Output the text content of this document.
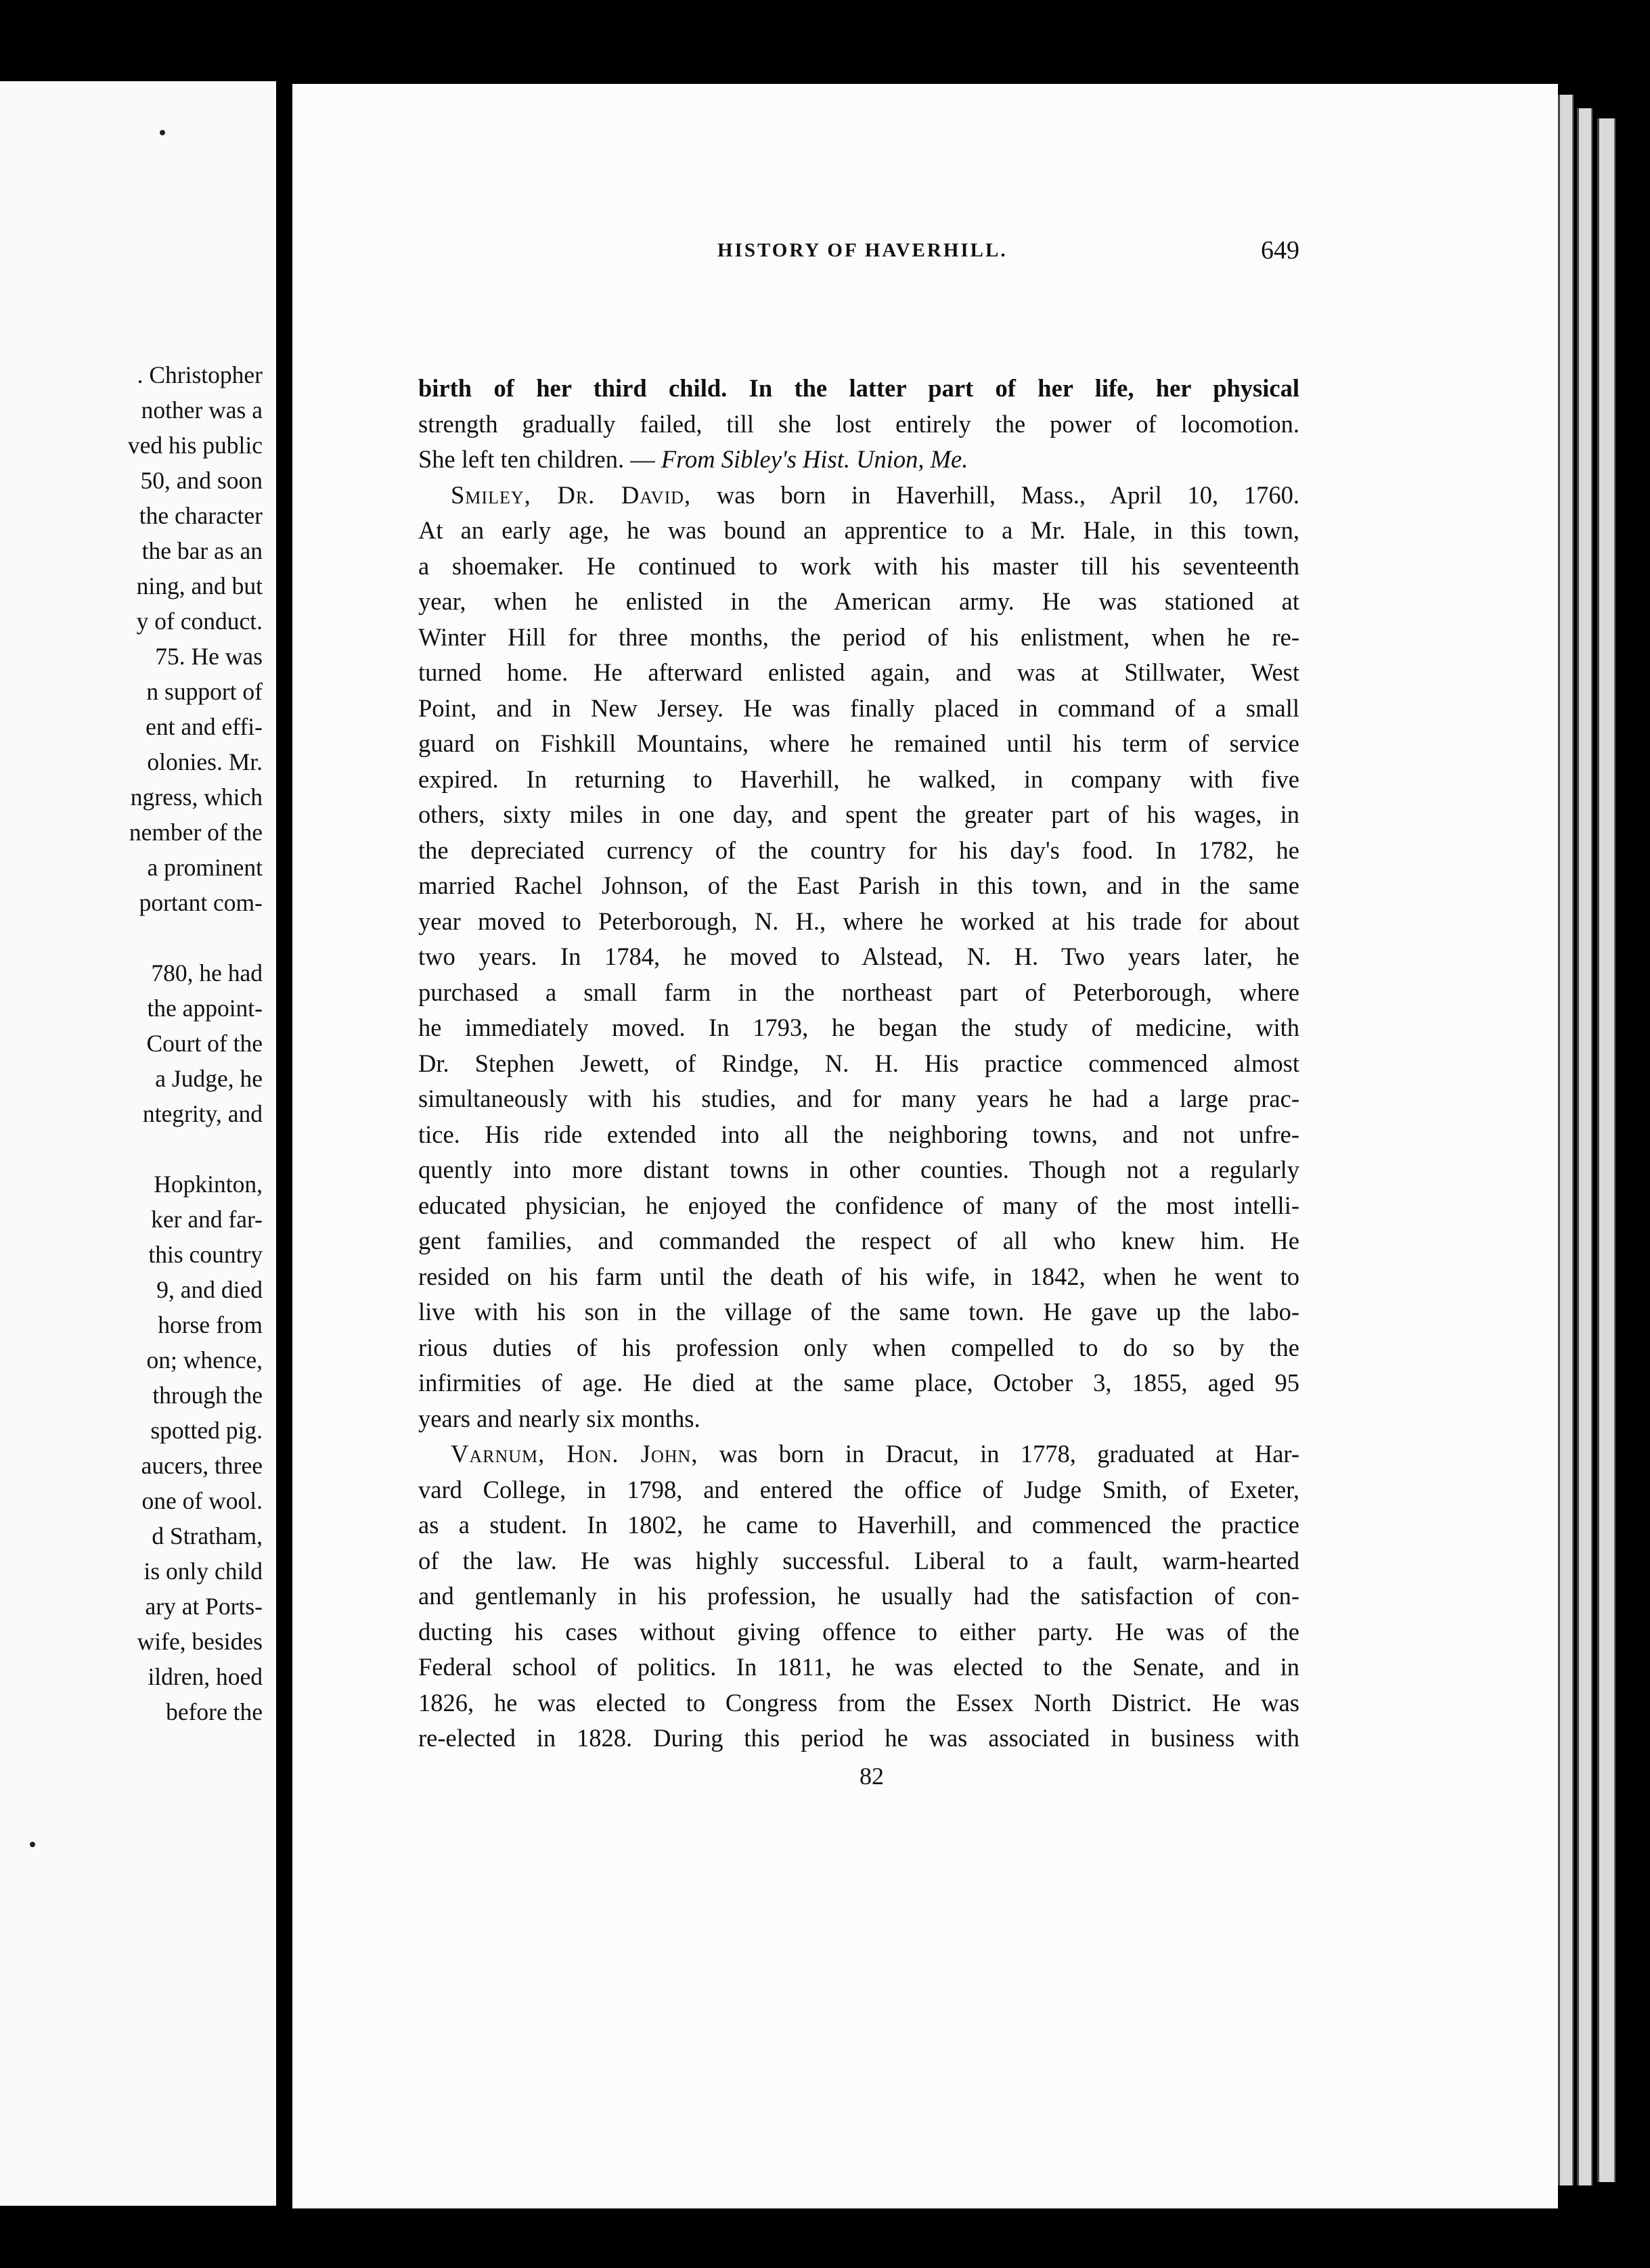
. Christopher
nother was a
ved his public
50, and soon
the character
the bar as an
ning, and but
y of conduct.
75. He was
n support of
ent and effi-
olonies. Mr.
ngress, which
nember of the
a prominent
portant com-
780, he had
the appoint-
Court of the
a Judge, he
ntegrity, and
Hopkinton,
ker and far-
this country
9, and died
horse from
on; whence,
through the
spotted pig.
aucers, three
one of wool.
d Stratham,
is only child
ary at Ports-
wife, besides
ildren, hoed
before the
HISTORY OF HAVERHILL.	649
birth of her third child. In the latter part of her life, her physical
strength gradually failed, till she lost entirely the power of locomotion.
She left ten children. — From Sibley's Hist. Union, Me.
Smiley, Dr. David, was born in Haverhill, Mass., April 10, 1760.
At an early age, he was bound an apprentice to a Mr. Hale, in this town,
a shoemaker. He continued to work with his master till his seventeenth
year, when he enlisted in the American army. He was stationed at
Winter Hill for three months, the period of his enlistment, when he re-
turned home. He afterward enlisted again, and was at Stillwater, West
Point, and in New Jersey. He was finally placed in command of a small
guard on Fishkill Mountains, where he remained until his term of service
expired. In returning to Haverhill, he walked, in company with five
others, sixty miles in one day, and spent the greater part of his wages, in
the depreciated currency of the country for his day's food. In 1782, he
married Rachel Johnson, of the East Parish in this town, and in the same
year moved to Peterborough, N. H., where he worked at his trade for about
two years. In 1784, he moved to Alstead, N. H. Two years later, he
purchased a small farm in the northeast part of Peterborough, where
he immediately moved. In 1793, he began the study of medicine, with
Dr. Stephen Jewett, of Rindge, N. H. His practice commenced almost
simultaneously with his studies, and for many years he had a large prac-
tice. His ride extended into all the neighboring towns, and not unfre-
quently into more distant towns in other counties. Though not a regularly
educated physician, he enjoyed the confidence of many of the most intelli-
gent families, and commanded the respect of all who knew him. He
resided on his farm until the death of his wife, in 1842, when he went to
live with his son in the village of the same town. He gave up the labo-
rious duties of his profession only when compelled to do so by the
infirmities of age. He died at the same place, October 3, 1855, aged 95
years and nearly six months.
Varnum, Hon. John, was born in Dracut, in 1778, graduated at Har-
vard College, in 1798, and entered the office of Judge Smith, of Exeter,
as a student. In 1802, he came to Haverhill, and commenced the practice
of the law. He was highly successful. Liberal to a fault, warm-hearted
and gentlemanly in his profession, he usually had the satisfaction of con-
ducting his cases without giving offence to either party. He was of the
Federal school of politics. In 1811, he was elected to the Senate, and in
1826, he was elected to Congress from the Essex North District. He was
re-elected in 1828. During this period he was associated in business with
82
